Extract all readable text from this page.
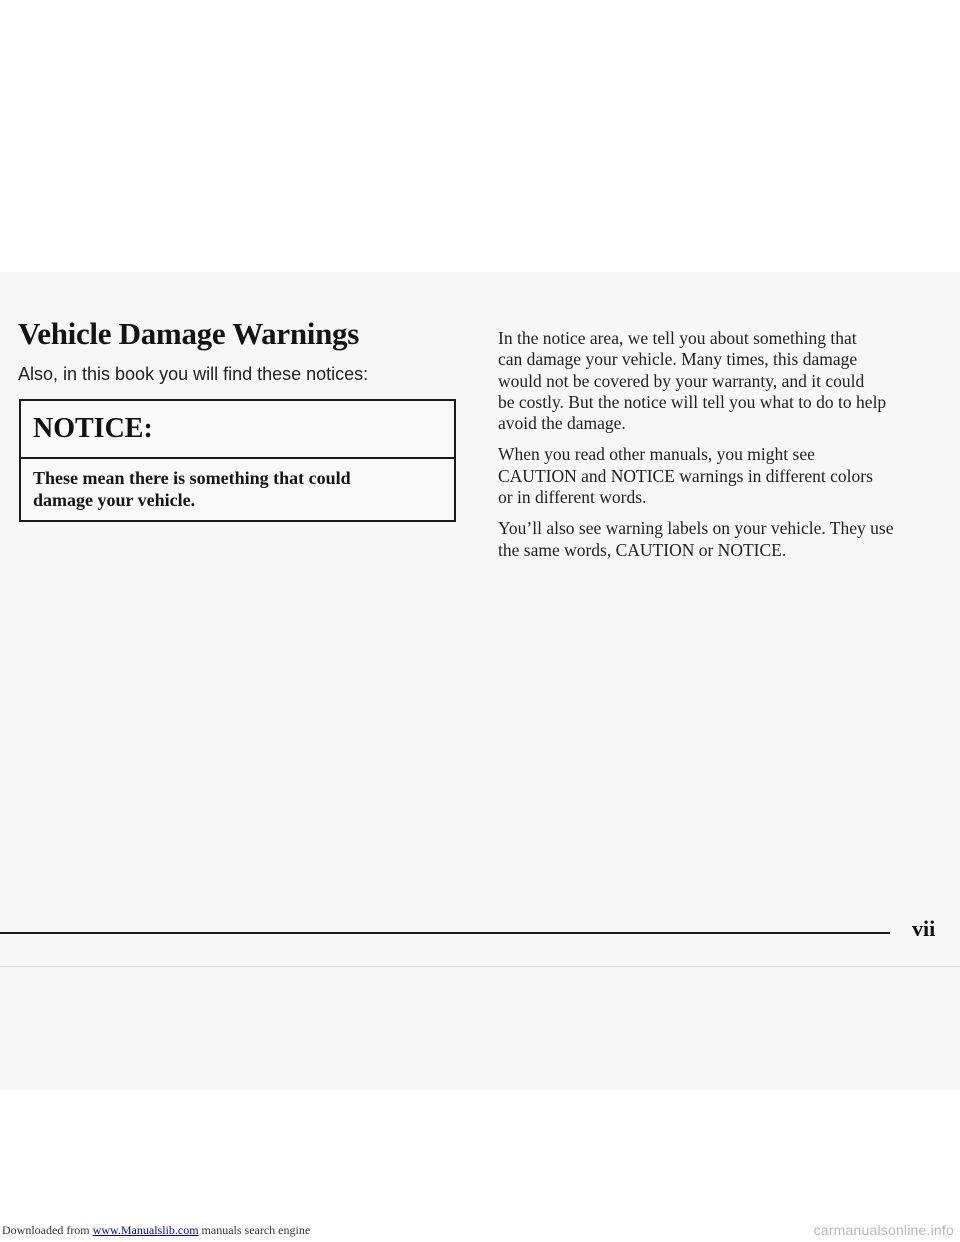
Vehicle Damage Warnings

Also, in this book you will find these notices:

NOTICE:

These mean there is something that could
damage your vehicle.

In the notice area, we tell you about something that
can damage your vehicle. Many times, this damage
would not be covered by your warranty, and it could
be costly. But the notice will tell you what to do to help
avoid the damage.

When you read other manuals, you might see
CAUTION and NOTICE warnings in different colors
or in different words.

You’ll also see warning labels on your vehicle. They use
the same words, CAUTION or NOTICE.

vii

Downloaded from www.Manualslib.com manuals search engine	carmanualsonline.info
